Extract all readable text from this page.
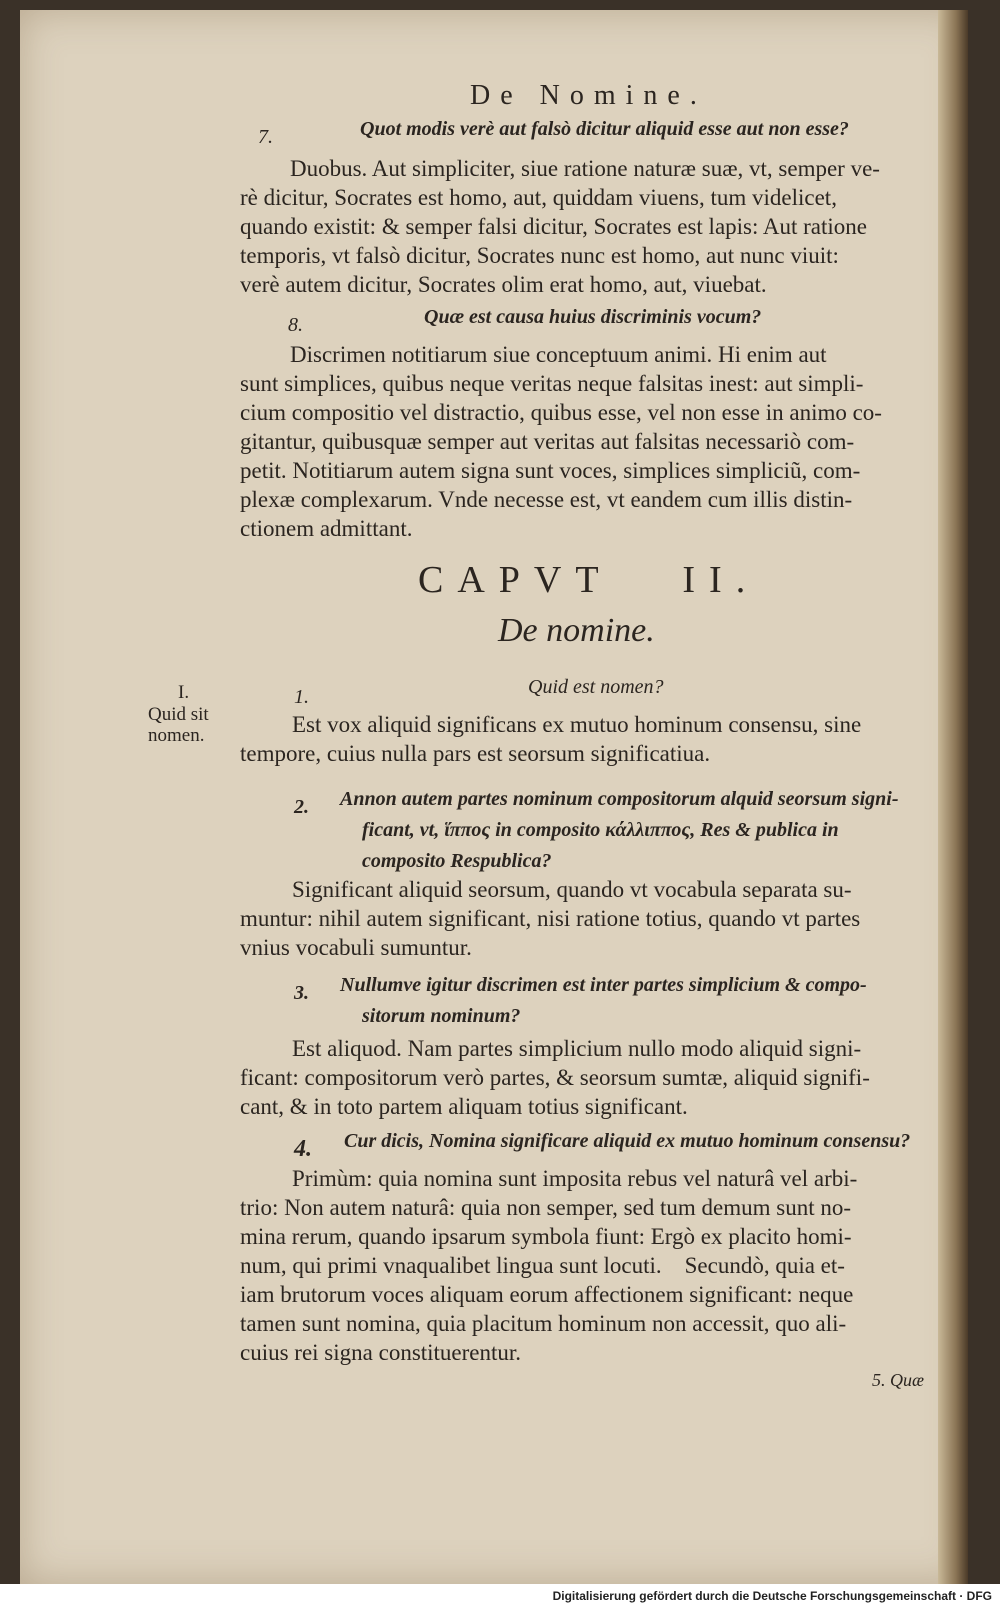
De Nomine.
7.	Quot modis verè aut falsò dicitur aliquid esse aut non esse?
Duobus. Aut simpliciter, siue ratione naturæ suæ, vt, semper ve-
rè dicitur, Socrates est homo, aut, quiddam viuens, tum videlicet,
quando existit: & semper falsi dicitur, Socrates est lapis: Aut ratione
temporis, vt falsò dicitur, Socrates nunc est homo, aut nunc viuit:
verè autem dicitur, Socrates olim erat homo, aut, viuebat.
8.	Quæ est causa huius discriminis vocum?
Discrimen notitiarum siue conceptuum animi. Hi enim aut
sunt simplices, quibus neque veritas neque falsitas inest: aut simpli-
cium compositio vel distractio, quibus esse, vel non esse in animo co-
gitantur, quibusquæ semper aut veritas aut falsitas necessariò com-
petit. Notitiarum autem signa sunt voces, simplices simpliciũ, com-
plexæ complexarum. Vnde necesse est, vt eandem cum illis distin-
ctionem admittant.
CAPVT   II.
De nomine.
I.
Quid sit
nomen.
1.	Quid est nomen?
Est vox aliquid significans ex mutuo hominum consensu, sine
tempore, cuius nulla pars est seorsum significatiua.
2. Annon autem partes nominum compositorum alquid seorsum signi-
ficant, vt, ἵππος in composito κάλλιππος, Res & publica in
composito Respublica?
Significant aliquid seorsum, quando vt vocabula separata su-
muntur: nihil autem significant, nisi ratione totius, quando vt partes
vnius vocabuli sumuntur.
3. Nullumve igitur discrimen est inter partes simplicium & compo-
sitorum nominum?
Est aliquod. Nam partes simplicium nullo modo aliquid signi-
ficant: compositorum verò partes, & seorsum sumtæ, aliquid signifi-
cant, & in toto partem aliquam totius significant.
4. Cur dicis, Nomina significare aliquid ex mutuo hominum consensu?
Primùm: quia nomina sunt imposita rebus vel naturâ vel arbi-
trio: Non autem naturâ: quia non semper, sed tum demum sunt no-
mina rerum, quando ipsarum symbola fiunt: Ergò ex placito homi-
num, qui primi vnaqualibet lingua sunt locuti.    Secundò, quia et-
iam brutorum voces aliquam eorum affectionem significant: neque
tamen sunt nomina, quia placitum hominum non accessit, quo ali-
cuius rei signa constituerentur.
5. Quæ
Digitalisierung gefördert durch die Deutsche Forschungsgemeinschaft · DFG
